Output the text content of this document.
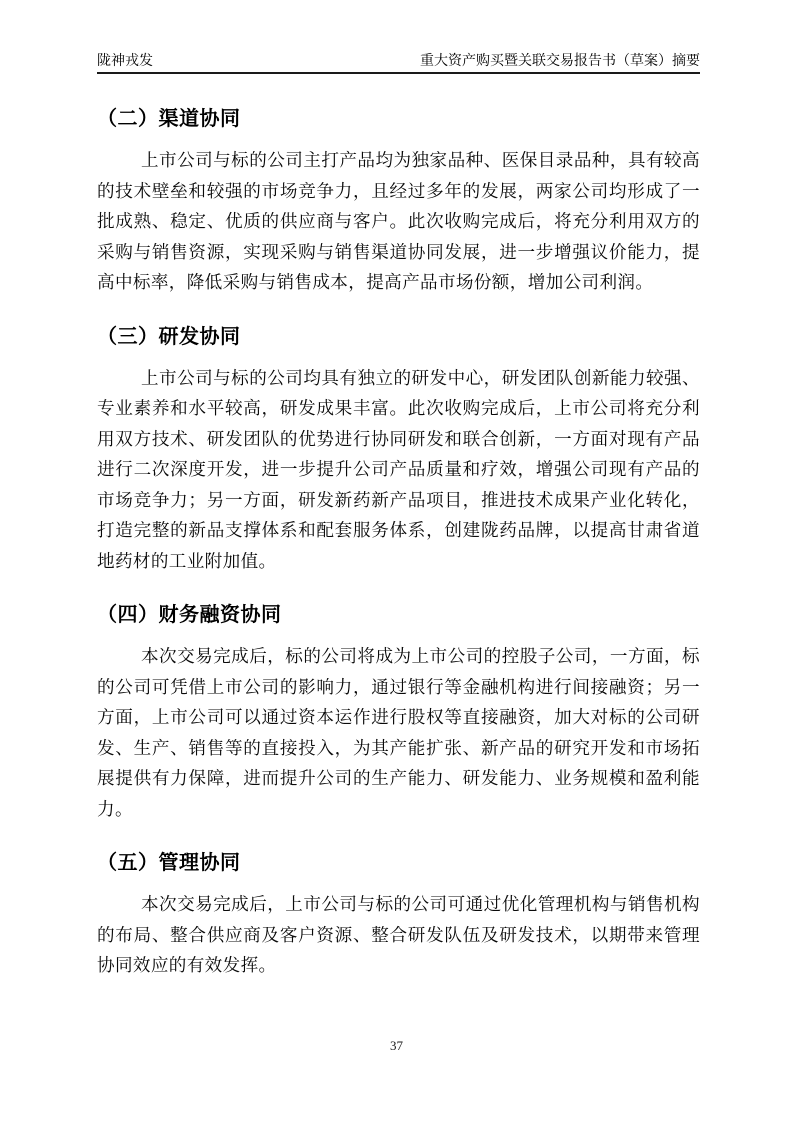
陇神戎发	重大资产购买暨关联交易报告书（草案）摘要
（二）渠道协同

上市公司与标的公司主打产品均为独家品种、医保目录品种，具有较高的技术壁垒和较强的市场竞争力，且经过多年的发展，两家公司均形成了一批成熟、稳定、优质的供应商与客户。此次收购完成后，将充分利用双方的采购与销售资源，实现采购与销售渠道协同发展，进一步增强议价能力，提高中标率，降低采购与销售成本，提高产品市场份额，增加公司利润。

（三）研发协同

上市公司与标的公司均具有独立的研发中心，研发团队创新能力较强、专业素养和水平较高，研发成果丰富。此次收购完成后，上市公司将充分利用双方技术、研发团队的优势进行协同研发和联合创新，一方面对现有产品进行二次深度开发，进一步提升公司产品质量和疗效，增强公司现有产品的市场竞争力；另一方面，研发新药新产品项目，推进技术成果产业化转化，打造完整的新品支撑体系和配套服务体系，创建陇药品牌，以提高甘肃省道地药材的工业附加值。

（四）财务融资协同

本次交易完成后，标的公司将成为上市公司的控股子公司，一方面，标的公司可凭借上市公司的影响力，通过银行等金融机构进行间接融资；另一方面，上市公司可以通过资本运作进行股权等直接融资，加大对标的公司研发、生产、销售等的直接投入，为其产能扩张、新产品的研究开发和市场拓展提供有力保障，进而提升公司的生产能力、研发能力、业务规模和盈利能力。

（五）管理协同

本次交易完成后，上市公司与标的公司可通过优化管理机构与销售机构的布局、整合供应商及客户资源、整合研发队伍及研发技术，以期带来管理协同效应的有效发挥。

37
